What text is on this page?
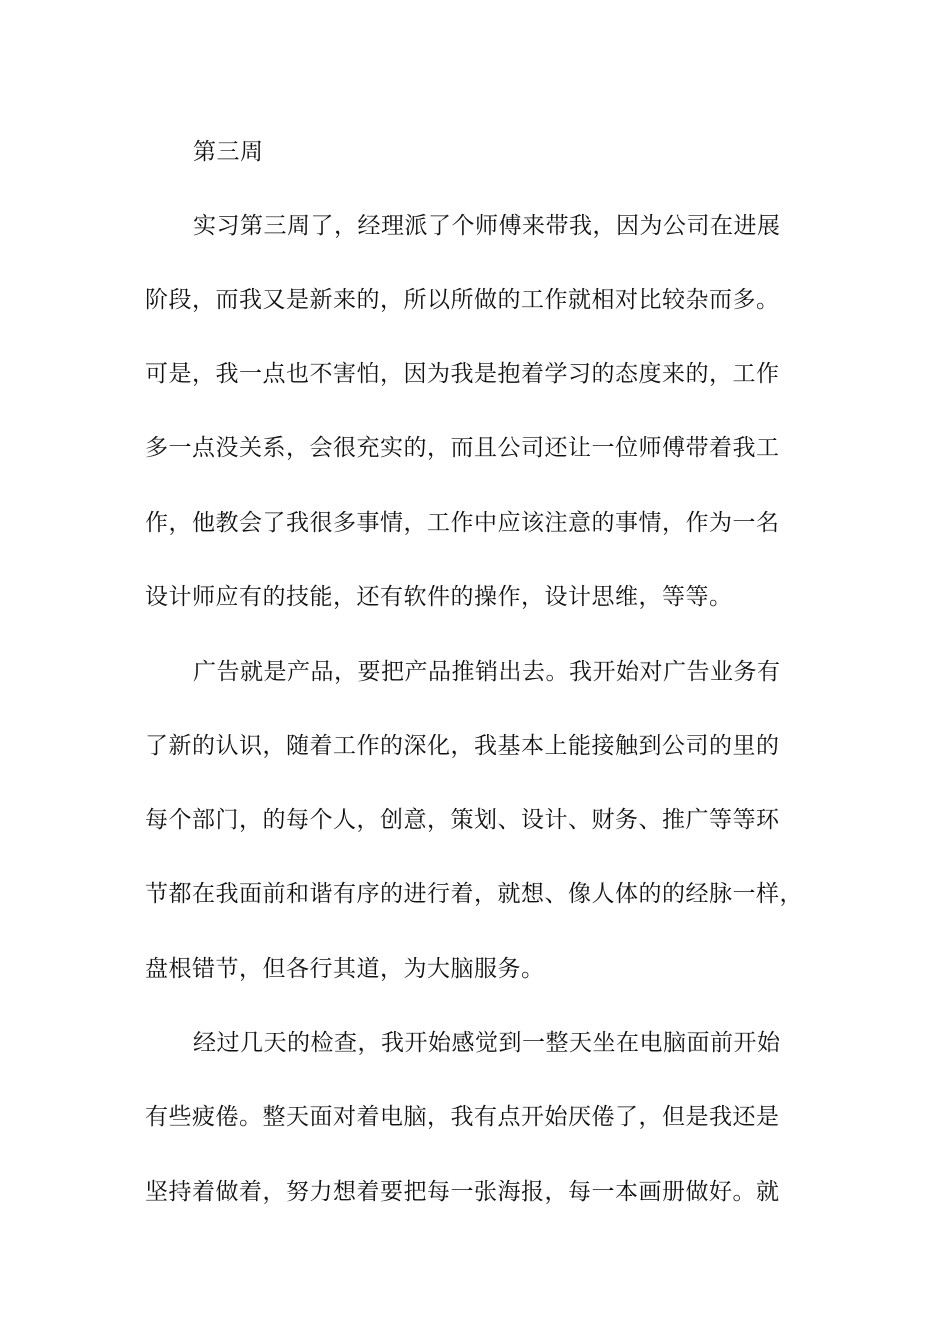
第三周

实习第三周了，经理派了个师傅来带我，因为公司在进展

阶段，而我又是新来的，所以所做的工作就相对比较杂而多。

可是，我一点也不害怕，因为我是抱着学习的态度来的，工作

多一点没关系，会很充实的，而且公司还让一位师傅带着我工

作，他教会了我很多事情，工作中应该注意的事情，作为一名

设计师应有的技能，还有软件的操作，设计思维，等等。

广告就是产品，要把产品推销出去。我开始对广告业务有

了新的认识，随着工作的深化，我基本上能接触到公司的里的

每个部门，的每个人，创意，策划、设计、财务、推广等等环

节都在我面前和谐有序的进行着，就想、像人体的的经脉一样，

盘根错节，但各行其道，为大脑服务。

经过几天的检查，我开始感觉到一整天坐在电脑面前开始

有些疲倦。整天面对着电脑，我有点开始厌倦了，但是我还是

坚持着做着，努力想着要把每一张海报，每一本画册做好。就
